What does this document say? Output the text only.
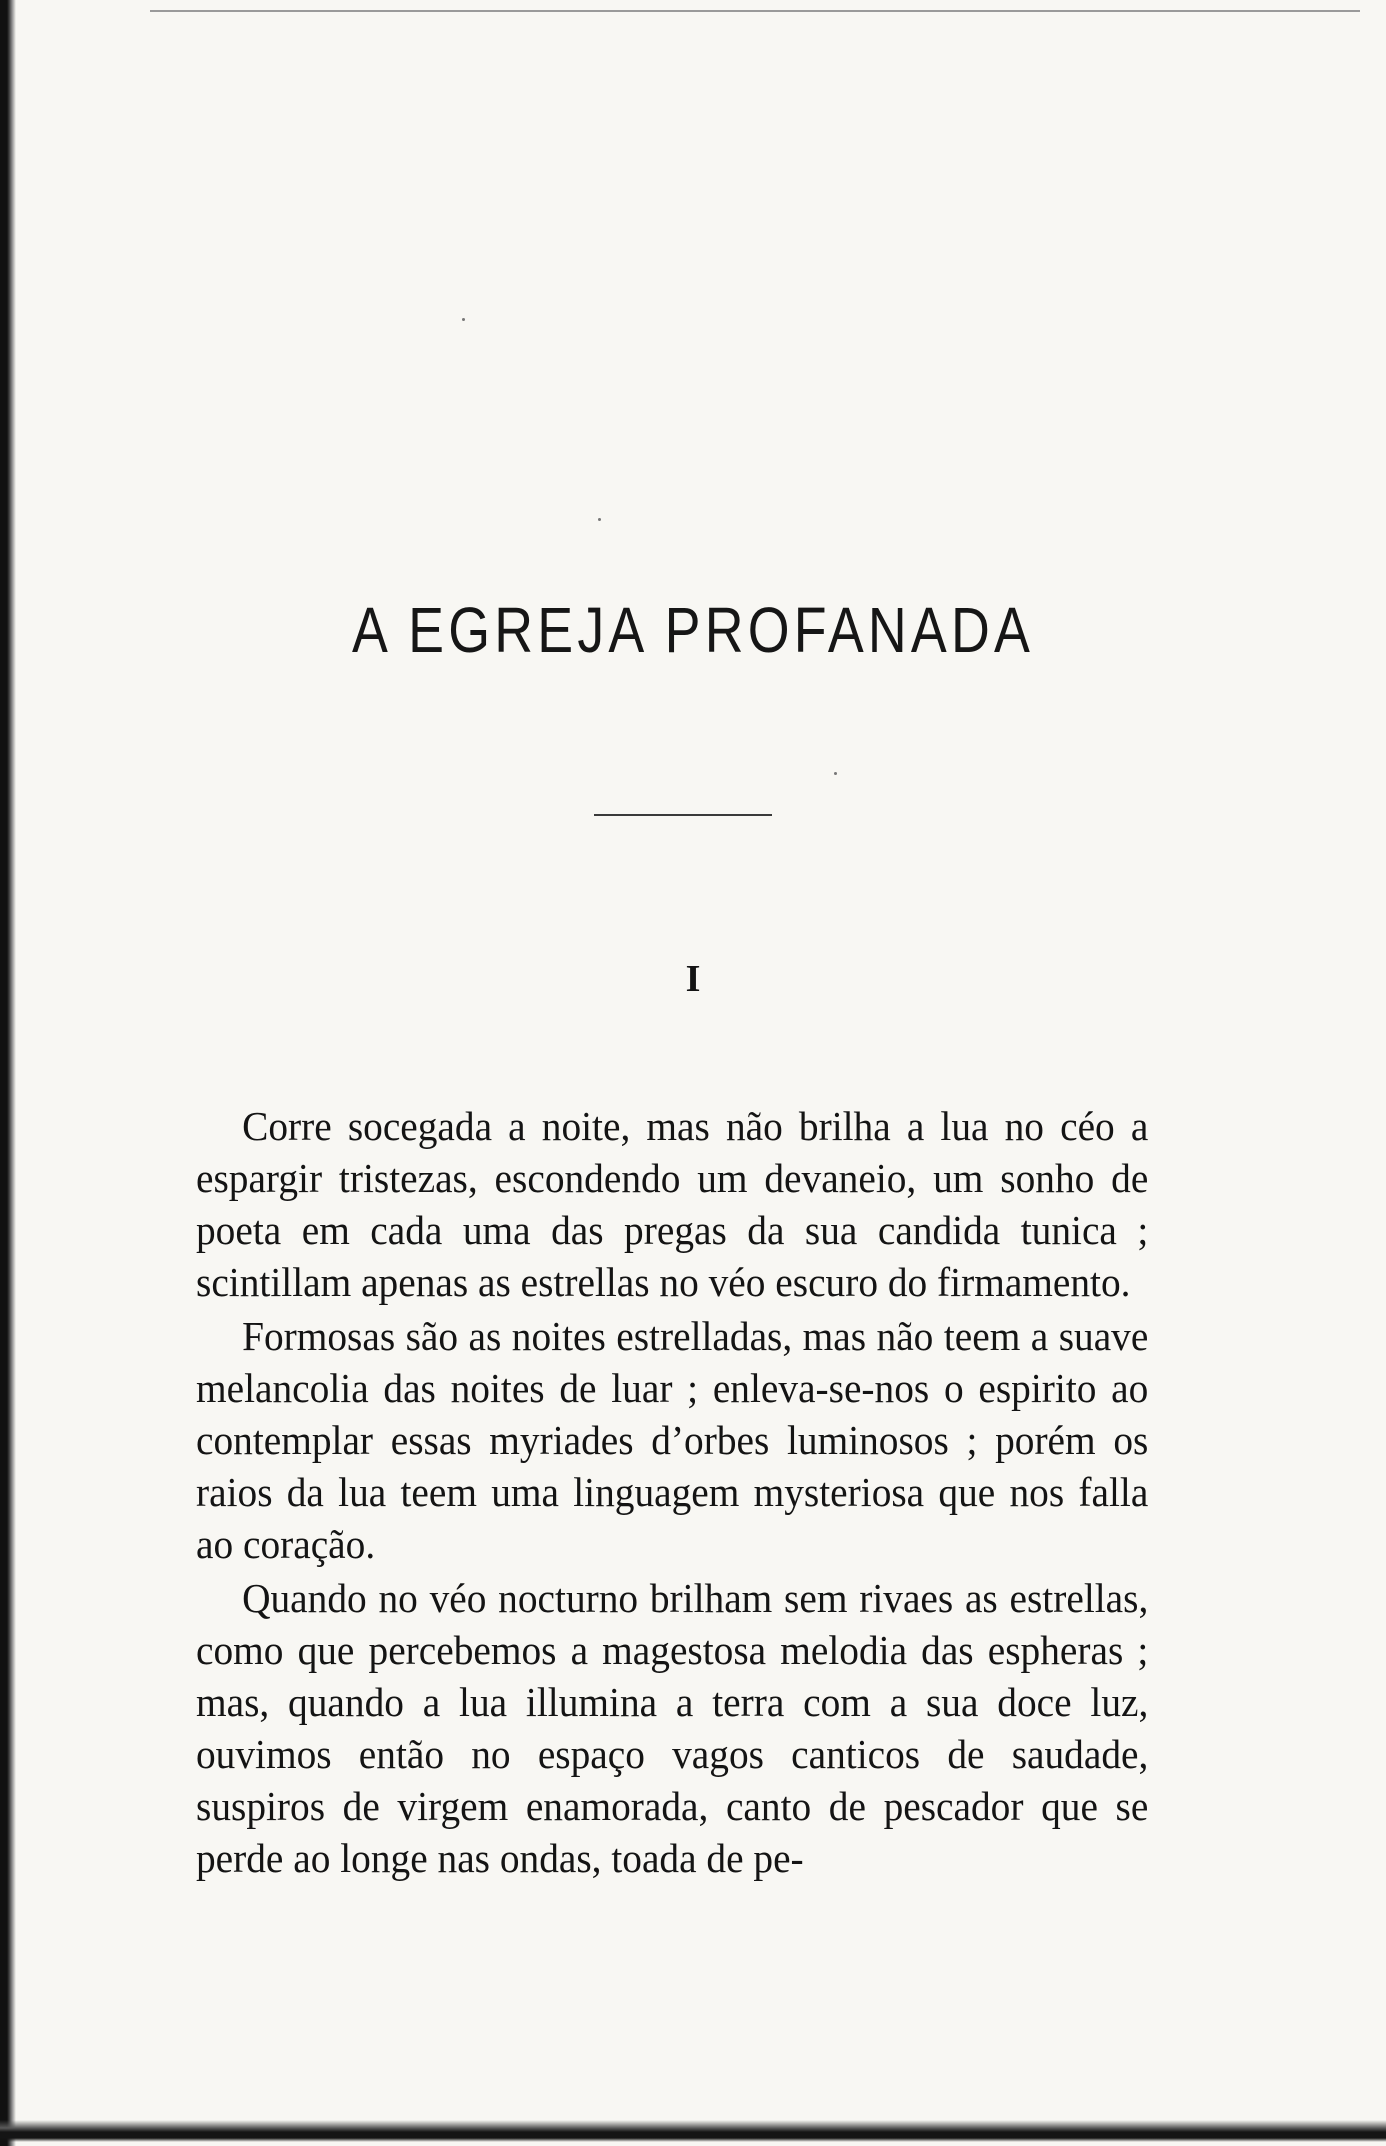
A EGREJA PROFANADA
I

Corre socegada a noite, mas não brilha a lua no céo a espargir tristezas, escondendo um devaneio, um sonho de poeta em cada uma das pregas da sua candida tunica ; scintillam apenas as estrellas no véo escuro do firmamento.

Formosas são as noites estrelladas, mas não teem a suave melancolia das noites de luar ; enleva-se-nos o espirito ao contemplar essas myriades d’orbes luminosos ; porém os raios da lua teem uma linguagem mysteriosa que nos falla ao coração.

Quando no véo nocturno brilham sem rivaes as estrellas, como que percebemos a magestosa melodia das espheras ; mas, quando a lua illumina a terra com a sua doce luz, ouvimos então no espaço vagos canticos de saudade, suspiros de virgem enamorada, canto de pescador que se perde ao longe nas ondas, toada de pe-
